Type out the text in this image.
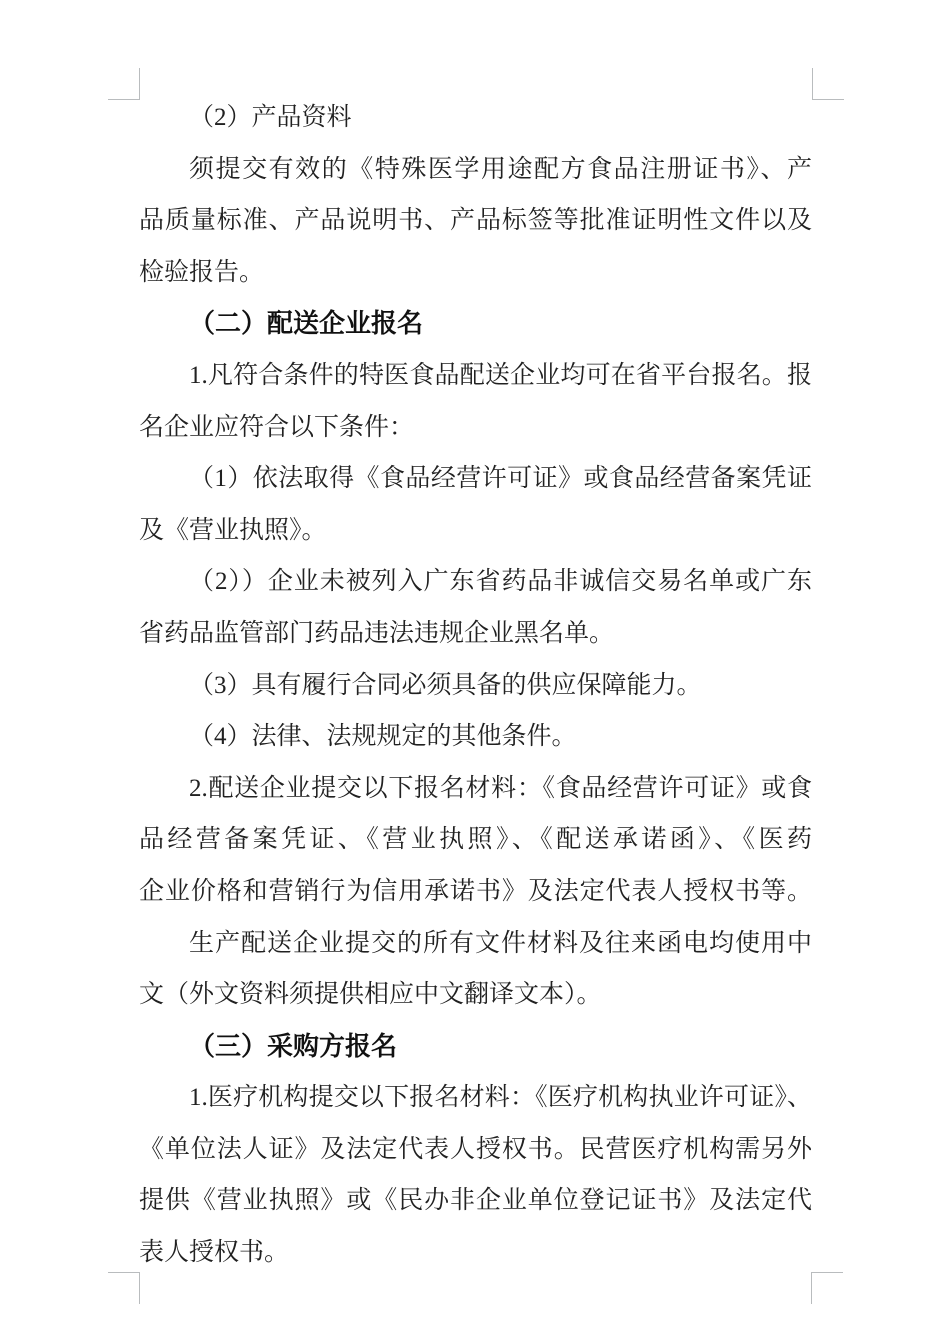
（2）产品资料
须提交有效的《特殊医学用途配方食品注册证书》、产
品质量标准、产品说明书、产品标签等批准证明性文件以及
检验报告。
（二）配送企业报名
1.凡符合条件的特医食品配送企业均可在省平台报名。报
名企业应符合以下条件：
（1）依法取得《食品经营许可证》或食品经营备案凭证
及《营业执照》。
（2））企业未被列入广东省药品非诚信交易名单或广东
省药品监管部门药品违法违规企业黑名单。
（3）具有履行合同必须具备的供应保障能力。
（4）法律、法规规定的其他条件。
2.配送企业提交以下报名材料：《食品经营许可证》或食
品经营备案凭证、《营业执照》、《配送承诺函》、《医药
企业价格和营销行为信用承诺书》及法定代表人授权书等。
生产配送企业提交的所有文件材料及往来函电均使用中
文（外文资料须提供相应中文翻译文本）。
（三）采购方报名
1.医疗机构提交以下报名材料：《医疗机构执业许可证》、
《单位法人证》及法定代表人授权书。民营医疗机构需另外
提供《营业执照》或《民办非企业单位登记证书》及法定代
表人授权书。
